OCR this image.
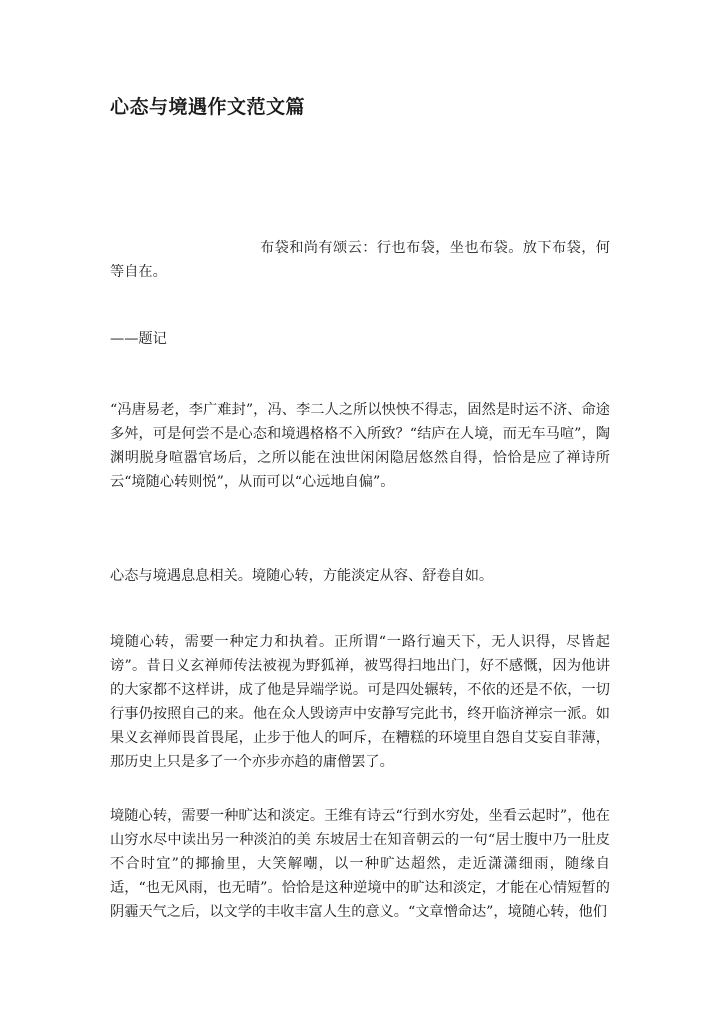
心态与境遇作文范文篇

布袋和尚有颂云：行也布袋，坐也布袋。放下布袋，何等自在。

——题记

“冯唐易老，李广难封”，冯、李二人之所以怏怏不得志，固然是时运不济、命途多舛，可是何尝不是心态和境遇格格不入所致？“结庐在人境，而无车马喧”，陶渊明脱身喧嚣官场后，之所以能在浊世闲闲隐居悠然自得，恰恰是应了禅诗所云“境随心转则悦”，从而可以“心远地自偏”。

心态与境遇息息相关。境随心转，方能淡定从容、舒卷自如。

境随心转，需要一种定力和执着。正所谓“一路行遍天下，无人识得，尽皆起谤”。昔日义玄禅师传法被视为野狐禅，被骂得扫地出门，好不感慨，因为他讲的大家都不这样讲，成了他是异端学说。可是四处辗转，不依的还是不依，一切行事仍按照自己的来。他在众人毁谤声中安静写完此书，终开临济禅宗一派。如果义玄禅师畏首畏尾，止步于他人的呵斥，在糟糕的环境里自怨自艾妄自菲薄，那历史上只是多了一个亦步亦趋的庸僧罢了。

境随心转，需要一种旷达和淡定。王维有诗云“行到水穷处，坐看云起时”，他在山穷水尽中读出另一种淡泊的美 东坡居士在知音朝云的一句“居士腹中乃一肚皮不合时宜”的揶揄里，大笑解嘲，以一种旷达超然，走近潇潇细雨，随缘自适，“也无风雨，也无晴”。恰恰是这种逆境中的旷达和淡定，才能在心情短暂的阴霾天气之后，以文学的丰收丰富人生的意义。“文章憎命达”，境随心转，他们
